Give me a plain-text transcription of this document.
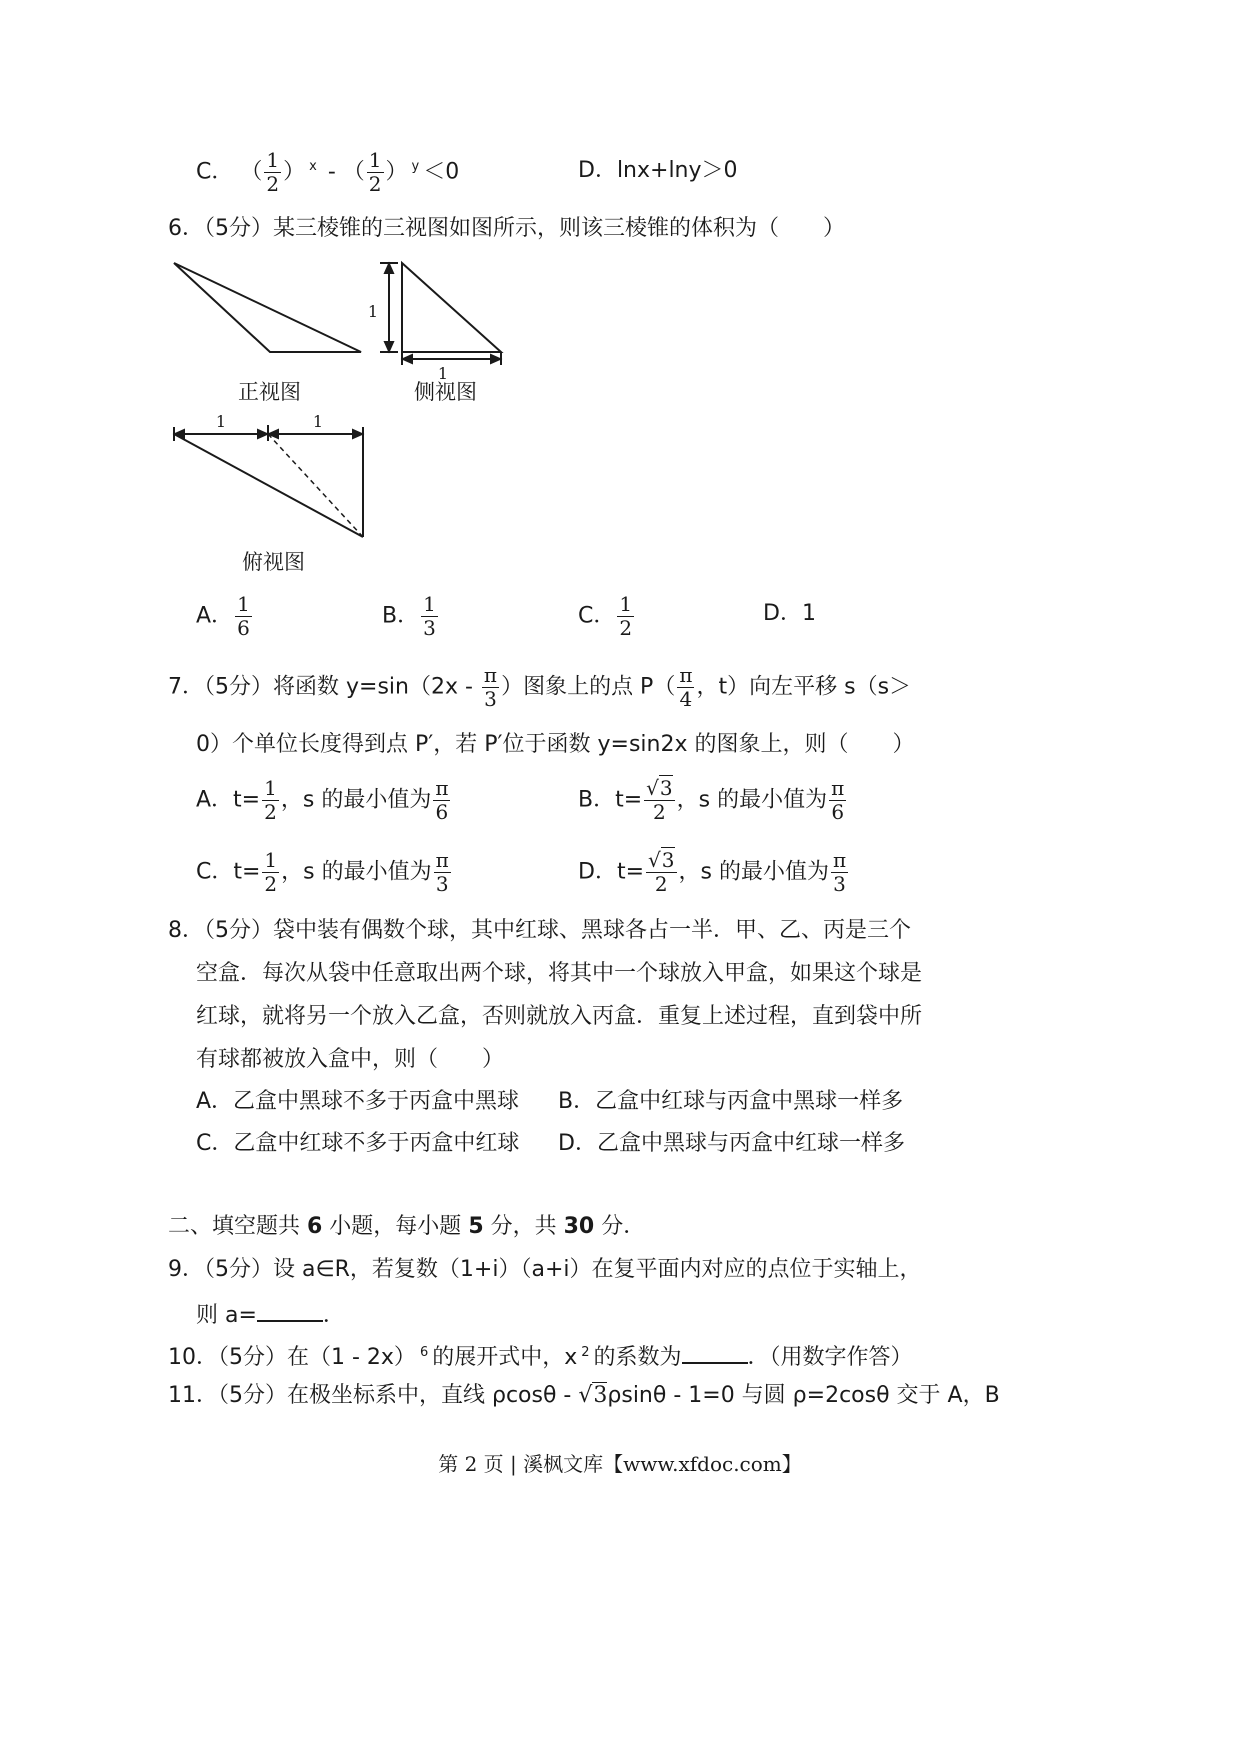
C． （ $\frac{1}{2}$ ） $^x$ - （ $\frac{1}{2}$ ） $^y$ ＜0	D．lnx+lny＞0
6．（5分）某三棱锥的三视图如图所示，则该三棱锥的体积为（　　）
1
1
1	1
正视图	侧视图
俯视图
A． $\frac{1}{6}$	B． $\frac{1}{3}$	C． $\frac{1}{2}$	D．1
7．（5分）将函数 $y=\sin(2x - \frac{\pi}{3}$ ）图象上的点 $P( \frac{\pi}{4}$ ，t）向左平移 s（s＞
0）个单位长度得到点 P′，若 P′位于函数 y=sin2x 的图象上，则（　　）
A．$t= \frac{1}{2}$ ，s 的最小值为 $\frac{\pi}{6}$	B．$t= \frac{√3}{2}$ ，s 的最小值为 $\frac{\pi}{6}$
C．$t= \frac{1}{2}$ ，s 的最小值为 $\frac{\pi}{3}$	D．$t= \frac{√3}{2}$ ，s 的最小值为 $\frac{\pi}{3}$
8．（5分）袋中装有偶数个球，其中红球、黑球各占一半．甲、乙、丙是三个
空盒．每次从袋中任意取出两个球，将其中一个球放入甲盒，如果这个球是
红球，就将另一个放入乙盒，否则就放入丙盒．重复上述过程，直到袋中所
有球都被放入盒中，则（　　）
A．乙盒中黑球不多于丙盒中黑球 B．乙盒中红球与丙盒中黑球一样多
C．乙盒中红球不多于丙盒中红球 D．乙盒中黑球与丙盒中红球一样多
二、填空题共 6 小题，每小题 5 分，共 30 分．
9．（5分）设 a∈R，若复数（1+i）（a+i）在复平面内对应的点位于实轴上，
则 a=	．
10．（5分）在（1 - 2x） $^6$ 的展开式中，x $^2$ 的系数为	．（用数字作答）
11．（5分）在极坐标系中，直线 ρcosθ - √3ρsinθ - 1=0 与圆 ρ=2cosθ 交于 A，B
第 2 页 | 溪枫文库【www.xfdoc.com】
